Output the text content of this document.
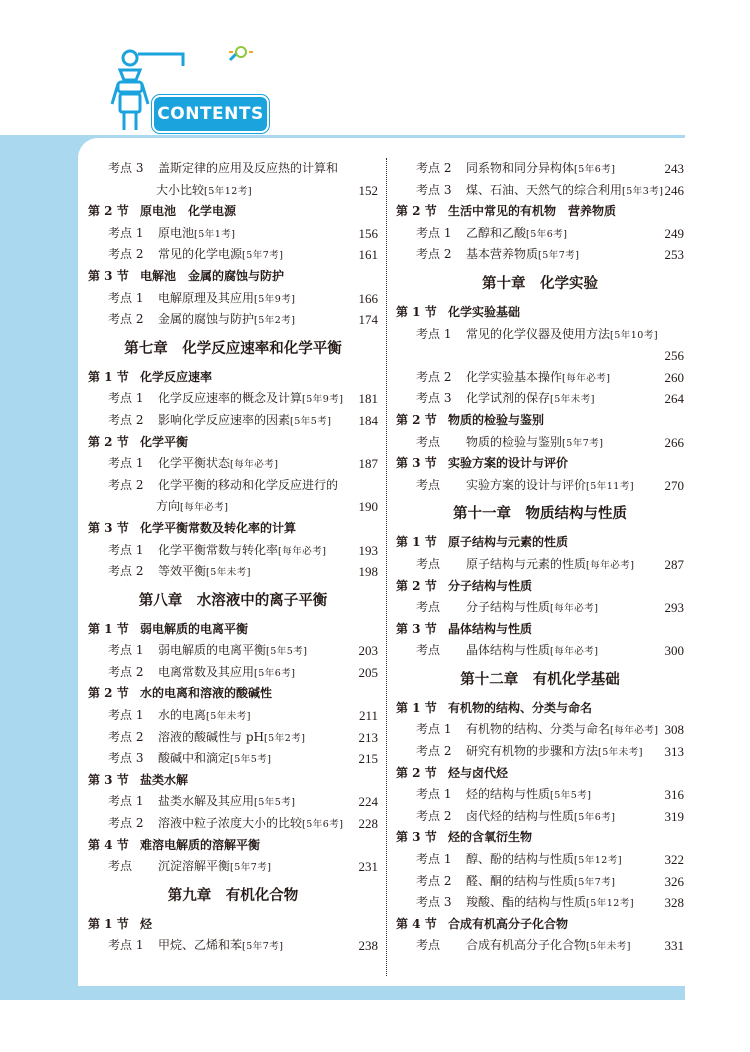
CONTENTS
考点 3 盖斯定律的应用及反应热的计算和
大小比较[5年12考]	152
第 2 节 原电池　化学电源
考点 1 原电池[5年1考]	156
考点 2 常见的化学电源[5年7考]	161
第 3 节 电解池　金属的腐蚀与防护
考点 1 电解原理及其应用[5年9考]	166
考点 2 金属的腐蚀与防护[5年2考]	174
第七章　化学反应速率和化学平衡
第 1 节 化学反应速率
考点 1 化学反应速率的概念及计算[5年9考] 181
考点 2 影响化学反应速率的因素[5年5考] 184
第 2 节 化学平衡
考点 1 化学平衡状态[每年必考]	187
考点 2 化学平衡的移动和化学反应进行的
方向[每年必考]	190
第 3 节 化学平衡常数及转化率的计算
考点 1 化学平衡常数与转化率[每年必考] 193
考点 2 等效平衡[5年未考]	198
第八章　水溶液中的离子平衡
第 1 节 弱电解质的电离平衡
考点 1 弱电解质的电离平衡[5年5考]	203
考点 2 电离常数及其应用[5年6考]	205
第 2 节 水的电离和溶液的酸碱性
考点 1 水的电离[5年未考]	211
考点 2 溶液的酸碱性与 pH[5年2考]	213
考点 3 酸碱中和滴定[5年5考]	215
第 3 节 盐类水解
考点 1 盐类水解及其应用[5年5考]	224
考点 2 溶液中粒子浓度大小的比较[5年6考] 228
第 4 节 难溶电解质的溶解平衡
考点 沉淀溶解平衡[5年7考]	231
第九章　有机化合物
第 1 节 烃
考点 1 甲烷、乙烯和苯[5年7考]	238
考点 2 同系物和同分异构体[5年6考]	243
考点 3 煤、石油、天然气的综合利用[5年3考] 246
第 2 节 生活中常见的有机物　营养物质
考点 1 乙醇和乙酸[5年6考]	249
考点 2 基本营养物质[5年7考]	253
第十章　化学实验
第 1 节 化学实验基础
考点 1 常见的化学仪器及使用方法[5年10考]
256
考点 2 化学实验基本操作[每年必考]	260
考点 3 化学试剂的保存[5年未考]	264
第 2 节 物质的检验与鉴别
考点 物质的检验与鉴别[5年7考]	266
第 3 节 实验方案的设计与评价
考点 实验方案的设计与评价[5年11考] 270
第十一章　物质结构与性质
第 1 节 原子结构与元素的性质
考点 原子结构与元素的性质[每年必考] 287
第 2 节 分子结构与性质
考点 分子结构与性质[每年必考]	293
第 3 节 晶体结构与性质
考点 晶体结构与性质[每年必考]	300
第十二章　有机化学基础
第 1 节 有机物的结构、分类与命名
考点 1 有机物的结构、分类与命名[每年必考] 308
考点 2 研究有机物的步骤和方法[5年未考] 313
第 2 节 烃与卤代烃
考点 1 烃的结构与性质[5年5考]	316
考点 2 卤代烃的结构与性质[5年6考]	319
第 3 节 烃的含氧衍生物
考点 1 醇、酚的结构与性质[5年12考]	322
考点 2 醛、酮的结构与性质[5年7考]	326
考点 3 羧酸、酯的结构与性质[5年12考] 328
第 4 节 合成有机高分子化合物
考点 合成有机高分子化合物[5年未考]	331
